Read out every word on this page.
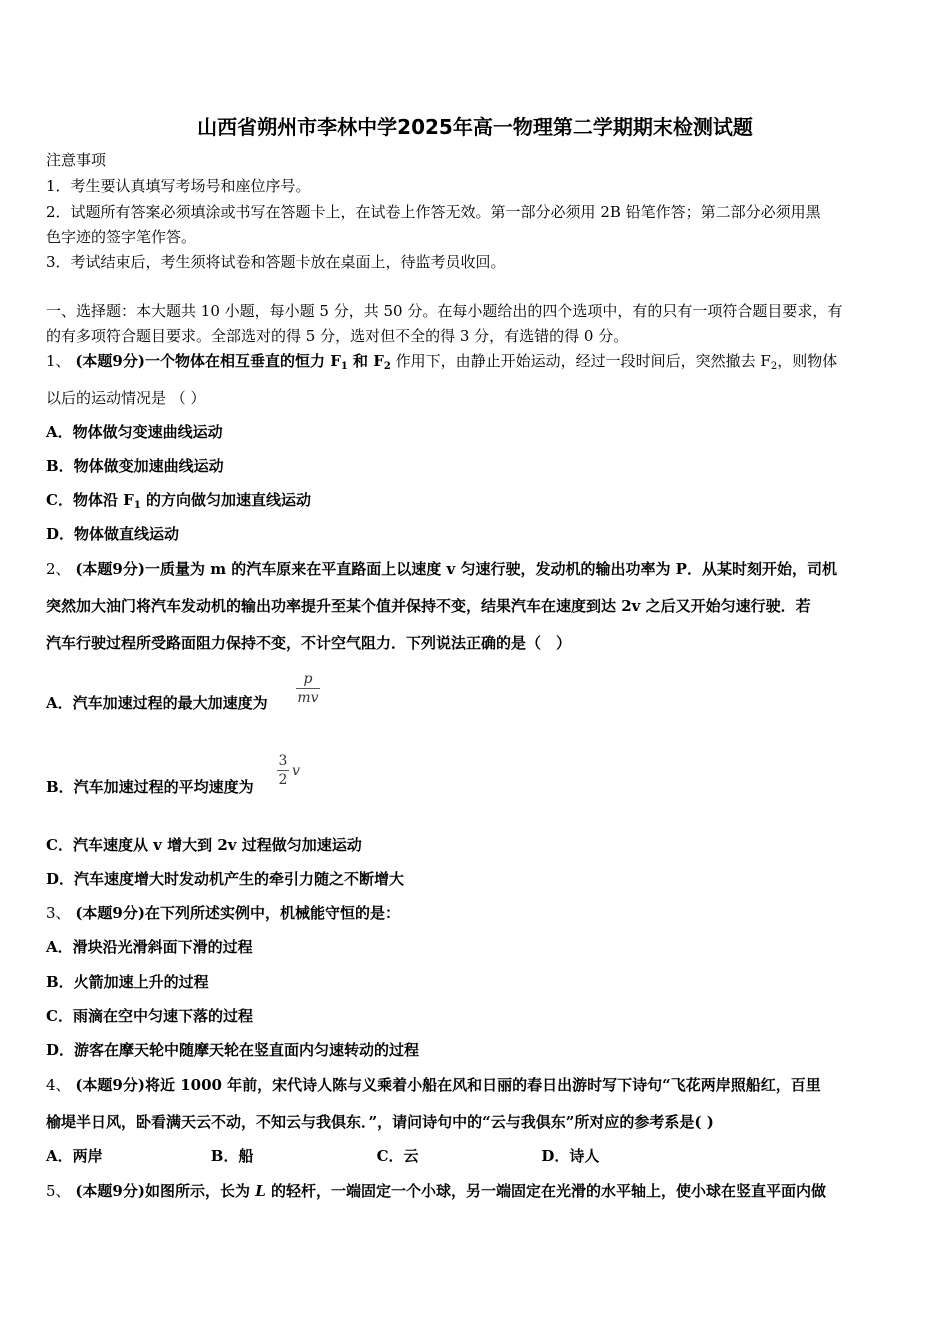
山西省朔州市李林中学2025年高一物理第二学期期末检测试题
注意事项
1．考生要认真填写考场号和座位序号。
2．试题所有答案必须填涂或书写在答题卡上，在试卷上作答无效。第一部分必须用 2B 铅笔作答；第二部分必须用黑
色字迹的签字笔作答。
3．考试结束后，考生须将试卷和答题卡放在桌面上，待监考员收回。
一、选择题：本大题共 10 小题，每小题 5 分，共 50 分。在每小题给出的四个选项中，有的只有一项符合题目要求，有
的有多项符合题目要求。全部选对的得 5 分，选对但不全的得 3 分，有选错的得 0 分。
1、 (本题9分)一个物体在相互垂直的恒力 $F_1$ 和 $F_2$ 作用下，由静止开始运动，经过一段时间后，突然撤去 $F_2$，则物体
以后的运动情况是 （ ）
A．物体做匀变速曲线运动
B．物体做变加速曲线运动
C．物体沿 $F_1$ 的方向做匀加速直线运动
D．物体做直线运动
2、 (本题9分)一质量为 m 的汽车原来在平直路面上以速度 v 匀速行驶，发动机的输出功率为 P．从某时刻开始，司机
突然加大油门将汽车发动机的输出功率提升至某个值并保持不变，结果汽车在速度到达 2v 之后又开始匀速行驶．若
汽车行驶过程所受路面阻力保持不变，不计空气阻力．下列说法正确的是（　）
A．汽车加速过程的最大加速度为
p
mv
B．汽车加速过程的平均速度为
3
2
v
C．汽车速度从 v 增大到 2v 过程做匀加速运动
D．汽车速度增大时发动机产生的牵引力随之不断增大
3、 (本题9分)在下列所述实例中，机械能守恒的是：
A．滑块沿光滑斜面下滑的过程
B．火箭加速上升的过程
C．雨滴在空中匀速下落的过程
D．游客在摩天轮中随摩天轮在竖直面内匀速转动的过程
4、 (本题9分)将近 1000 年前，宋代诗人陈与义乘着小船在风和日丽的春日出游时写下诗句“飞花两岸照船红，百里
榆堤半日风，卧看满天云不动，不知云与我俱东．”，请问诗句中的“云与我俱东”所对应的参考系是( )
A．两岸	B．船	C．云	D．诗人
5、 (本题9分)如图所示，长为 L 的轻杆，一端固定一个小球，另一端固定在光滑的水平轴上，使小球在竖直平面内做
